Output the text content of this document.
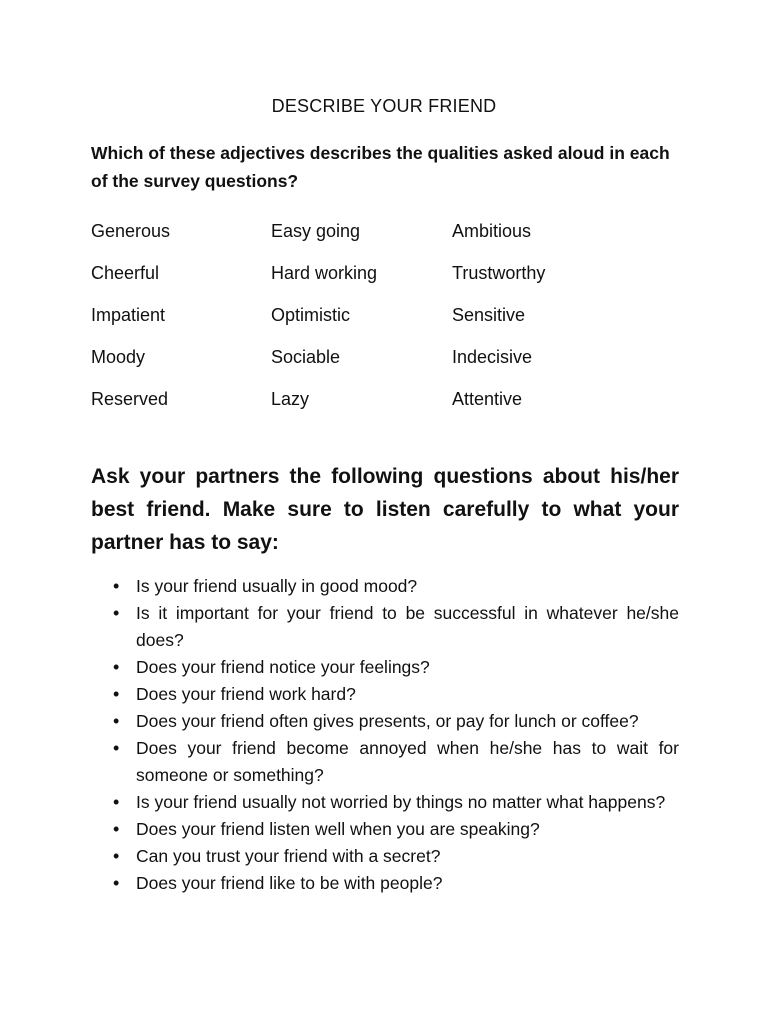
DESCRIBE YOUR FRIEND
Which of these adjectives describes the qualities asked aloud in each of the survey questions?
Generous	Easy going	Ambitious
Cheerful	Hard working	Trustworthy
Impatient	Optimistic	Sensitive
Moody	Sociable	Indecisive
Reserved	Lazy	Attentive
Ask your partners the following questions about his/her best friend. Make sure to listen carefully to what your partner has to say:
• Is your friend usually in good mood?
• Is it important for your friend to be successful in whatever he/she does?
• Does your friend notice your feelings?
• Does your friend work hard?
• Does your friend often gives presents, or pay for lunch or coffee?
• Does your friend become annoyed when he/she has to wait for someone or something?
• Is your friend usually not worried by things no matter what happens?
• Does your friend listen well when you are speaking?
• Can you trust your friend with a secret?
• Does your friend like to be with people?
